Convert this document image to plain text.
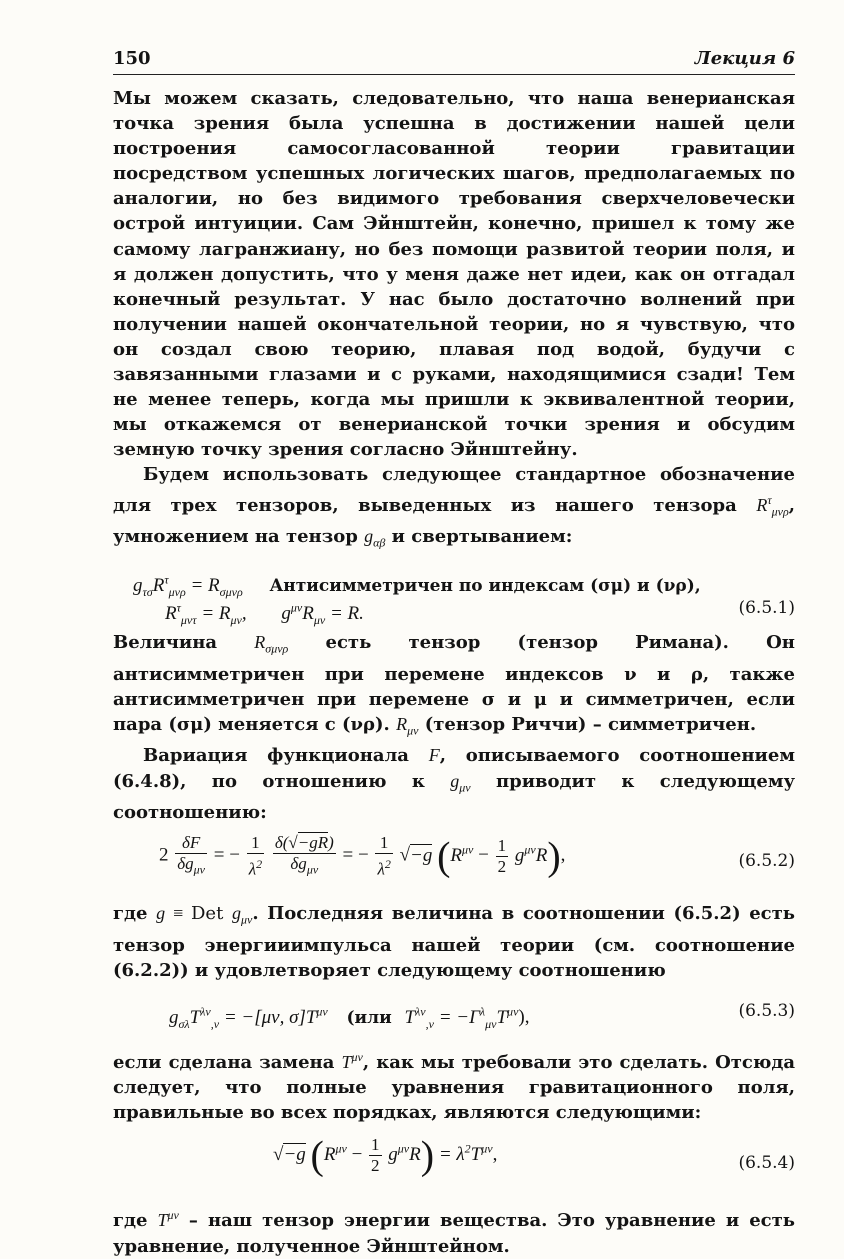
150	Лекция 6

Мы можем сказать, следовательно, что наша венерианская точка зрения была успешна в достижении нашей цели построения самосогласованной теории гравитации посредством успешных логических шагов, предполагаемых по аналогии, но без видимого требования сверхчеловечески острой интуиции. Сам Эйнштейн, конечно, пришел к тому же самому лагранжиану, но без помощи развитой теории поля, и я должен допустить, что у меня даже нет идеи, как он отгадал конечный результат. У нас было достаточно волнений при получении нашей окончательной теории, но я чувствую, что он создал свою теорию, плавая под водой, будучи с завязанными глазами и с руками, находящимися сзади! Тем не менее теперь, когда мы пришли к эквивалентной теории, мы откажемся от венерианской точки зрения и обсудим земную точку зрения согласно Эйнштейну.

Будем использовать следующее стандартное обозначение для трех тензоров, выведенных из нашего тензора $R^\tau_{\mu\nu\rho}$, умножением на тензор $g_{\alpha\beta}$ и свертыванием:

$g_{\tau\sigma}R^\tau_{\mu\nu\rho} = R_{\sigma\mu\nu\rho}$ Антисимметричен по индексам (σμ) и (νρ),
$R^\tau_{\mu\nu\tau} = R_{\mu\nu}$, $g^{\mu\nu}R_{\mu\nu} = R$.	(6.5.1)

Величина $R_{\sigma\mu\nu\rho}$ есть тензор (тензор Римана). Он антисимметричен при перемене индексов ν и ρ, также антисимметричен при перемене σ и μ и симметричен, если пара (σμ) меняется с (νρ). $R_{\mu\nu}$ (тензор Риччи) – симметричен.

Вариация функционала F, описываемого соотношением (6.4.8), по отношению к $g_{\mu\nu}$ приводит к следующему соотношению:

$2 \frac{\delta F}{\delta g_{\mu\nu}}$ = − $\frac{1}{\lambda^2}$
$\frac{\delta(√-gR)}{\delta g_{\mu\nu}}$ = − $\frac{1}{\lambda^2} √-g$ $(R^{\mu\nu} - \frac{1}{2} g^{\mu\nu}R)$,	(6.5.2)

где g ≡ Det $g_{\mu\nu}$. Последняя величина в соотношении (6.5.2) есть тензор энергииимпульса нашей теории (см. соотношение (6.2.2)) и удовлетворяет следующему соотношению

$g_{\sigma\lambda}T^{\lambda\nu}_{,\nu} = -[\mu\nu$, $\sigma]T^{\mu\nu}$ (или $T^{\lambda\nu}_{,\nu} = -\Gamma^\lambda_{\mu\nu}T^{\mu\nu}$),	(6.5.3)

если сделана замена $T^{\mu\nu}$, как мы требовали это сделать. Отсюда следует, что полные уравнения гравитационного поля, правильные во всех порядках, являются следующими:

√−g $(R^{\mu\nu} - \frac{1}{2} g^{\mu\nu}R) = \lambda^2T^{\mu\nu}$,	(6.5.4)

где $T^{\mu\nu}$ – наш тензор энергии вещества. Это уравнение и есть уравнение, полученное Эйнштейном.
